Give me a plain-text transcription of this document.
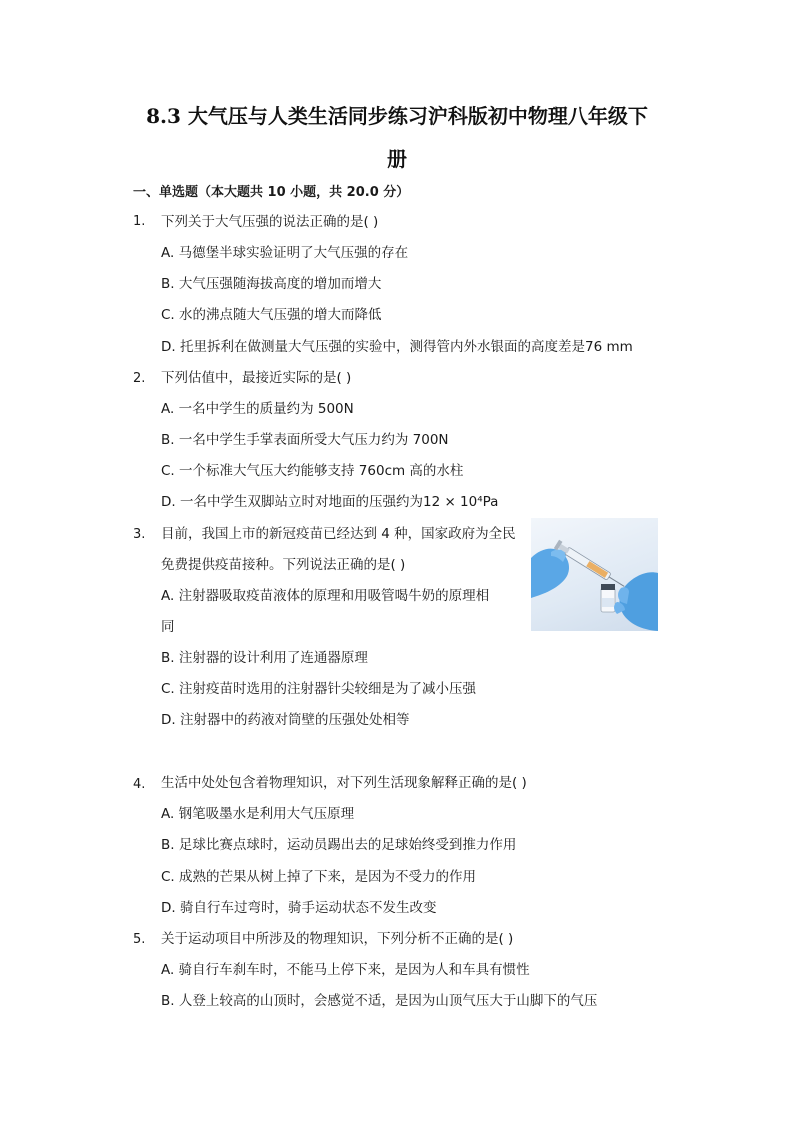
8.3 大气压与人类生活同步练习沪科版初中物理八年级下
册
一、单选题（本大题共 10 小题，共 20.0 分）
1. 下列关于大气压强的说法正确的是( )
A. 马德堡半球实验证明了大气压强的存在
B. 大气压强随海拔高度的增加而增大
C. 水的沸点随大气压强的增大而降低
D. 托里拆利在做测量大气压强的实验中，测得管内外水银面的高度差是76 mm
2. 下列估值中，最接近实际的是( )
A. 一名中学生的质量约为 500N
B. 一名中学生手掌表面所受大气压力约为 700N
C. 一个标准大气压大约能够支持 760cm 高的水柱
D. 一名中学生双脚站立时对地面的压强约为12 × 10⁴Pa
3. 目前，我国上市的新冠疫苗已经达到 4 种，国家政府为全民
免费提供疫苗接种。下列说法正确的是( )
A. 注射器吸取疫苗液体的原理和用吸管喝牛奶的原理相
同
B. 注射器的设计利用了连通器原理
C. 注射疫苗时选用的注射器针尖较细是为了减小压强
D. 注射器中的药液对筒壁的压强处处相等
4. 生活中处处包含着物理知识，对下列生活现象解释正确的是( )
A. 钢笔吸墨水是利用大气压原理
B. 足球比赛点球时，运动员踢出去的足球始终受到推力作用
C. 成熟的芒果从树上掉了下来，是因为不受力的作用
D. 骑自行车过弯时，骑手运动状态不发生改变
5. 关于运动项目中所涉及的物理知识，下列分析不正确的是( )
A. 骑自行车刹车时，不能马上停下来，是因为人和车具有惯性
B. 人登上较高的山顶时，会感觉不适，是因为山顶气压大于山脚下的气压
